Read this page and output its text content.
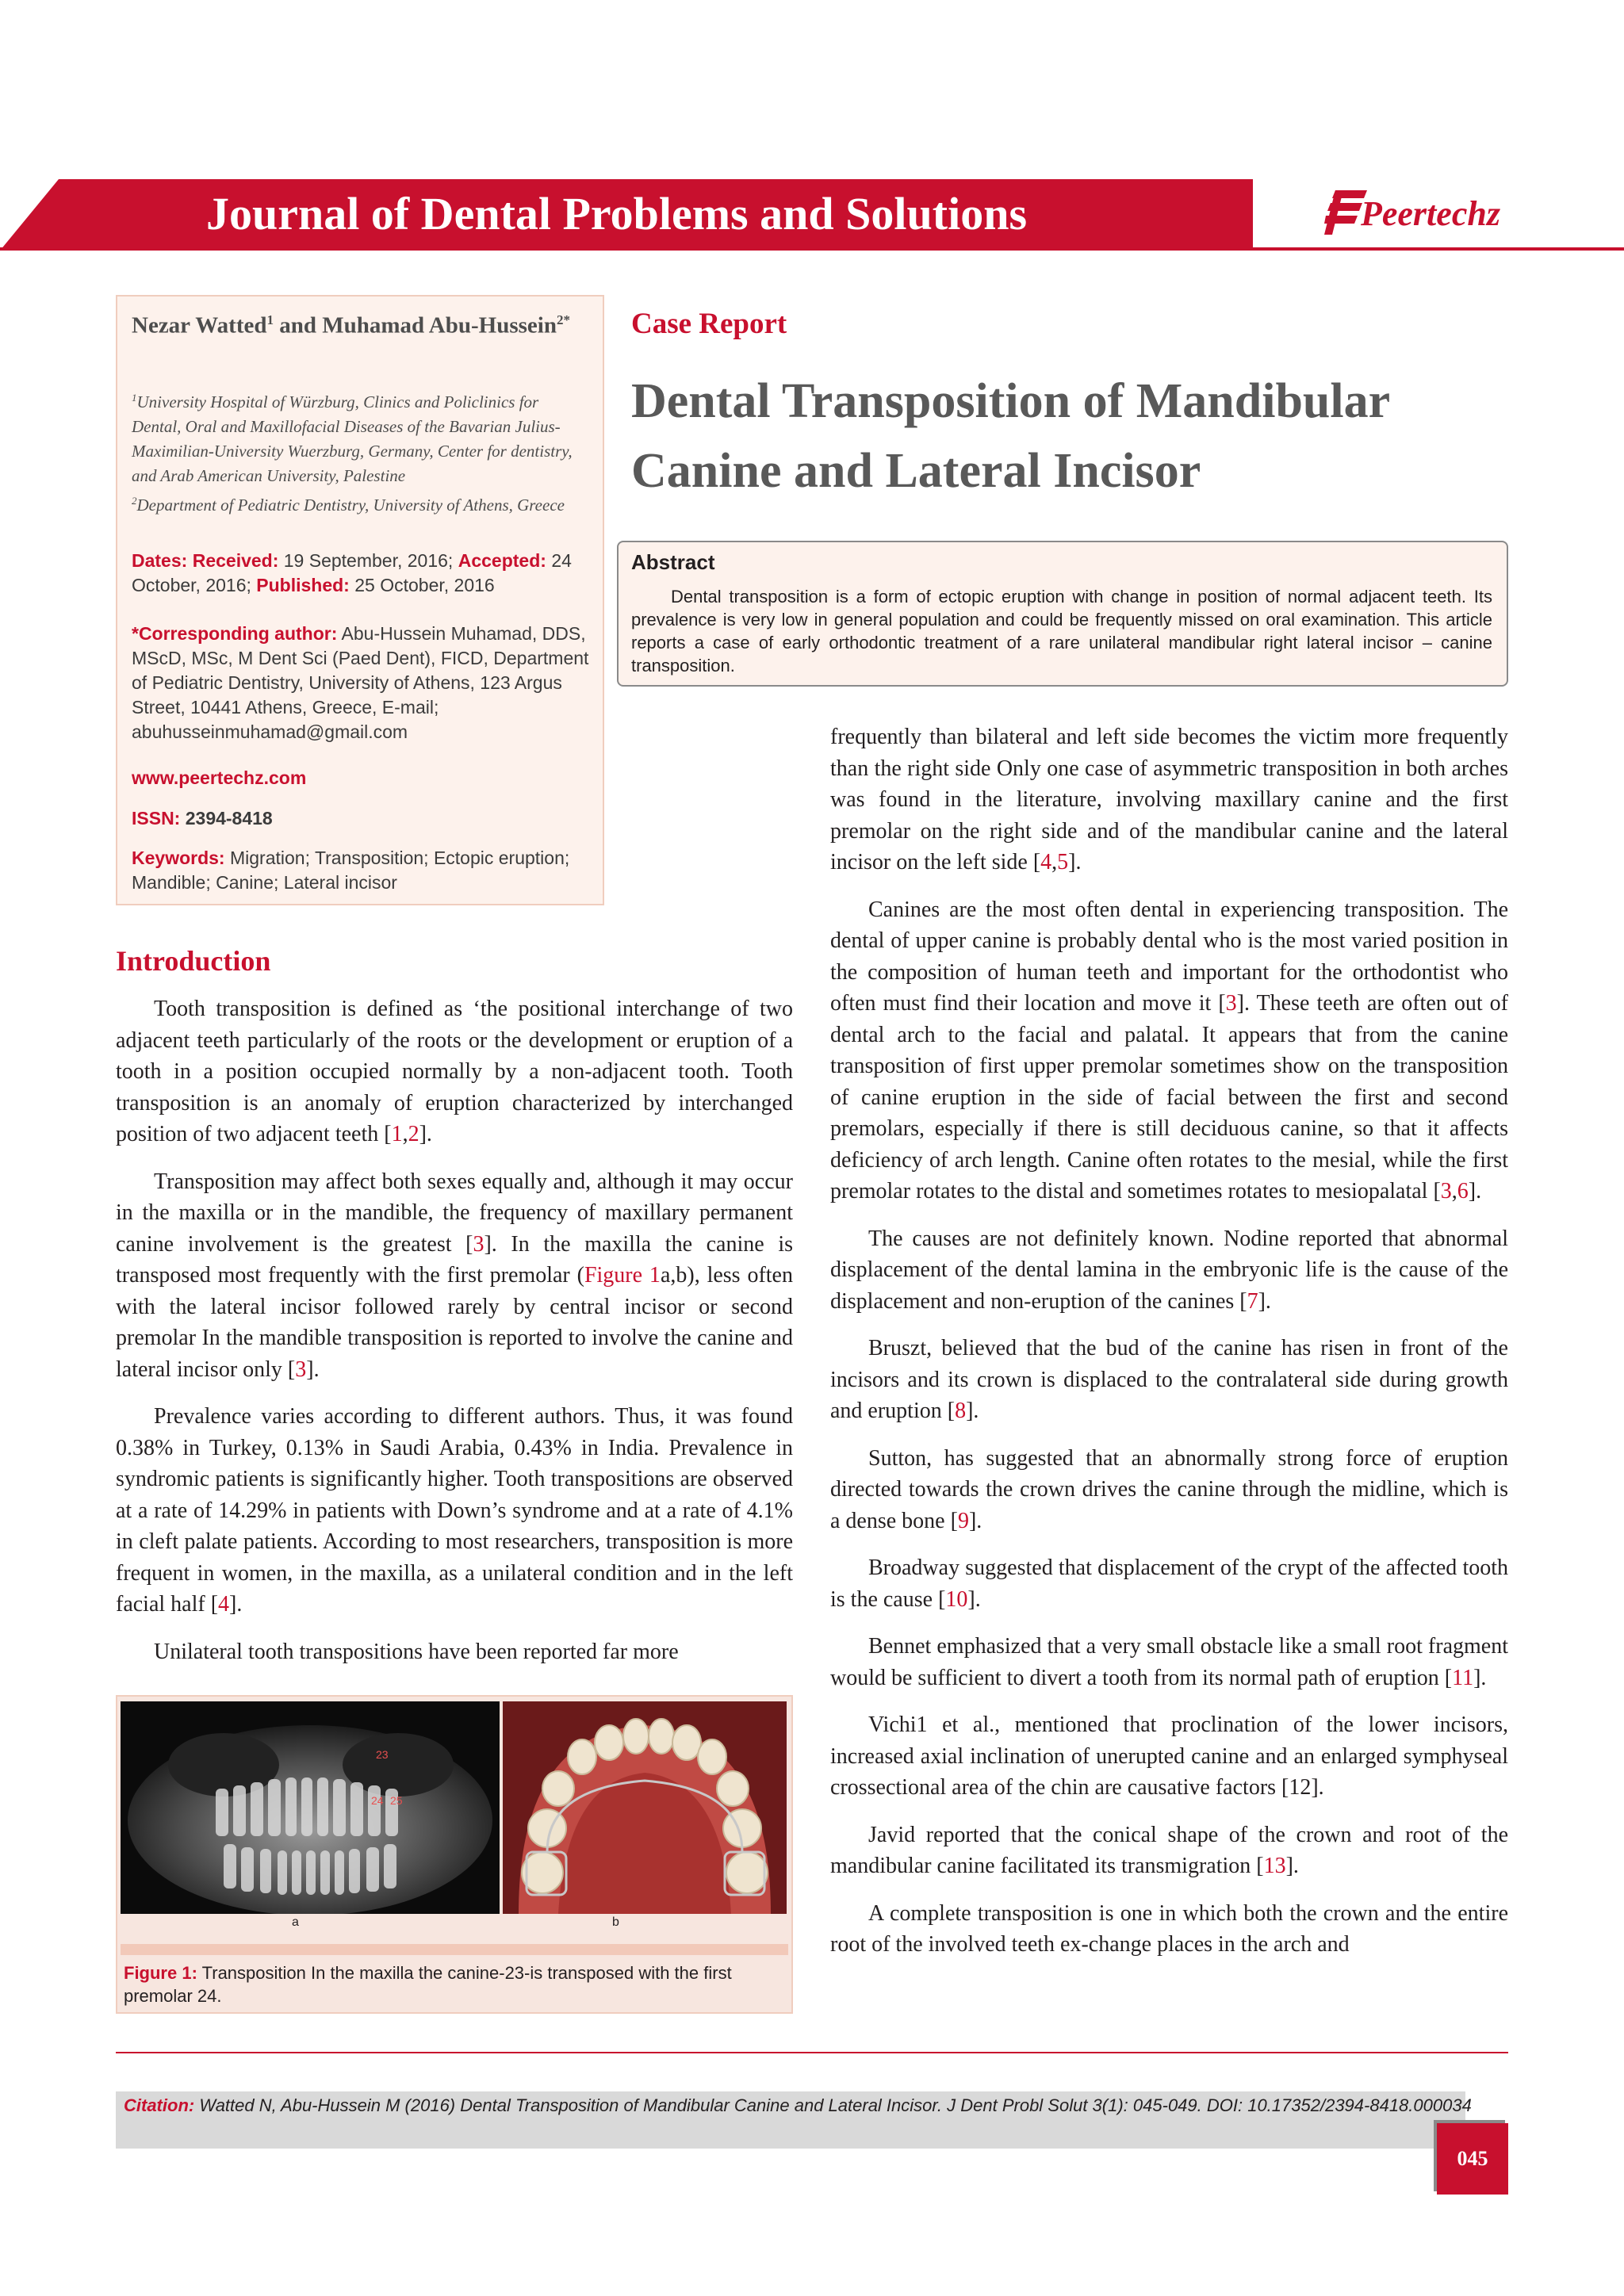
Journal of Dental Problems and Solutions	Peertechz
Nezar Watted$^1$ and Muhamad Abu-Hussein$^{2*}$
$^1$University Hospital of Würzburg, Clinics and Policlinics for Dental, Oral and Maxillofacial Diseases of the Bavarian Julius-Maximilian-University Wuerzburg, Germany, Center for dentistry, and Arab American University, Palestine
$^2$Department of Pediatric Dentistry, University of Athens, Greece
Dates: Received: 19 September, 2016; Accepted: 24 October, 2016; Published: 25 October, 2016
*Corresponding author: Abu-Hussein Muhamad, DDS, MScD, MSc, M Dent Sci (Paed Dent), FICD, Department of Pediatric Dentistry, University of Athens, 123 Argus Street, 10441 Athens, Greece, E-mail; abuhusseinmuhamad@gmail.com
www.peertechz.com
ISSN: 2394-8418
Keywords: Migration; Transposition; Ectopic eruption; Mandible; Canine; Lateral incisor
Case Report
Dental Transposition of Mandibular Canine and Lateral Incisor
Abstract

Dental transposition is a form of ectopic eruption with change in position of normal adjacent teeth. Its prevalence is very low in general population and could be frequently missed on oral examination. This article reports a case of early orthodontic treatment of a rare unilateral mandibular right lateral incisor – canine transposition.

Introduction

Tooth transposition is defined as ‘the positional interchange of two adjacent teeth particularly of the roots or the development or eruption of a tooth in a position occupied normally by a non-adjacent tooth. Tooth transposition is an anomaly of eruption characterized by interchanged position of two adjacent teeth [1,2].

Transposition may affect both sexes equally and, although it may occur in the maxilla or in the mandible, the frequency of maxillary permanent canine involvement is the greatest [3]. In the maxilla the canine is transposed most frequently with the first premolar (Figure 1a,b), less often with the lateral incisor followed rarely by central incisor or second premolar In the mandible transposition is reported to involve the canine and lateral incisor only [3].

Prevalence varies according to different authors. Thus, it was found 0.38% in Turkey, 0.13% in Saudi Arabia, 0.43% in India. Prevalence in syndromic patients is significantly higher. Tooth transpositions are observed at a rate of 14.29% in patients with Down’s syndrome and at a rate of 4.1% in cleft palate patients. According to most researchers, transposition is more frequent in women, in the maxilla, as a unilateral condition and in the left facial half [4].

Unilateral tooth transpositions have been reported far more

frequently than bilateral and left side becomes the victim more frequently than the right side Only one case of asymmetric transposition in both arches was found in the literature, involving maxillary canine and the first premolar on the right side and of the mandibular canine and the lateral incisor on the left side [4,5].

Canines are the most often dental in experiencing transposition. The dental of upper canine is probably dental who is the most varied position in the composition of human teeth and important for the orthodontist who often must find their location and move it [3]. These teeth are often out of dental arch to the facial and palatal. It appears that from the canine transposition of first upper premolar sometimes show on the transposition of canine eruption in the side of facial between the first and second premolars, especially if there is still deciduous canine, so that it affects deficiency of arch length. Canine often rotates to the mesial, while the first premolar rotates to the distal and sometimes rotates to mesiopalatal [3,6].

The causes are not definitely known. Nodine reported that abnormal displacement of the dental lamina in the embryonic life is the cause of the displacement and non-eruption of the canines [7].

Bruszt, believed that the bud of the canine has risen in front of the incisors and its crown is displaced to the contralateral side during growth and eruption [8].

Sutton, has suggested that an abnormally strong force of eruption directed towards the crown drives the canine through the midline, which is a dense bone [9].

Broadway suggested that displacement of the crypt of the affected tooth is the cause [10].

Bennet emphasized that a very small obstacle like a small root fragment would be sufficient to divert a tooth from its normal path of eruption [11].

Vichi1 et al., mentioned that proclination of the lower incisors, increased axial inclination of unerupted canine and an enlarged symphyseal crossectional area of the chin are causative factors [12].

Javid reported that the conical shape of the crown and root of the mandibular canine facilitated its transmigration [13].

A complete transposition is one in which both the crown and the entire root of the involved teeth ex-change places in the arch and

23
24 25
a	b
Figure 1: Transposition In the maxilla the canine-23-is transposed with the first premolar 24.
Citation: Watted N, Abu-Hussein M (2016) Dental Transposition of Mandibular Canine and Lateral Incisor. J Dent Probl Solut 3(1): 045-049. DOI: 10.17352/2394-8418.000034
045
